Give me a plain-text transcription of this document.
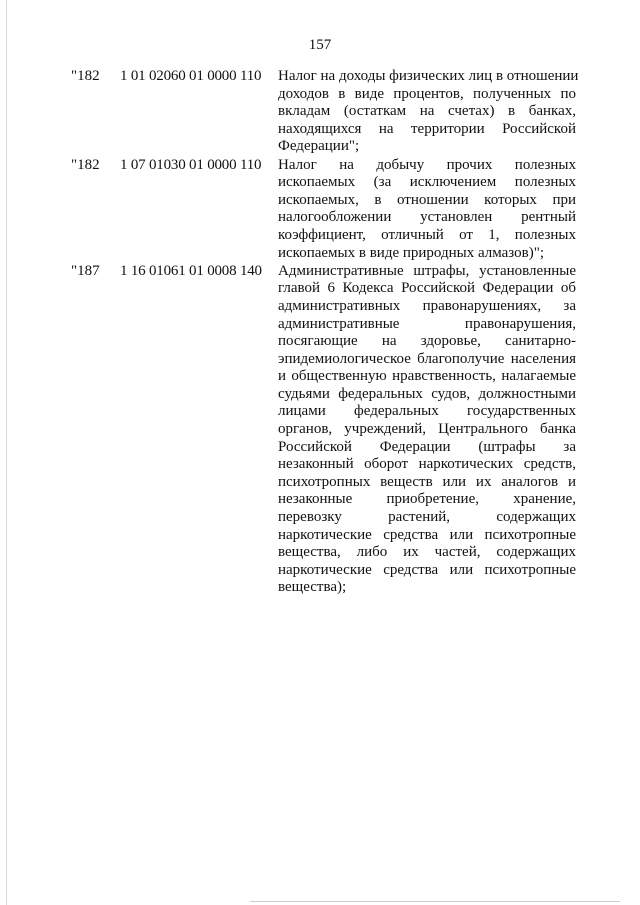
157
"182	1 01 02060 01 0000 110	Налог на доходы физических лиц в отношении
доходов в виде процентов, полученных по
вкладам (остаткам на счетах) в банках,
находящихся на территории Российской
Федерации";
"182	1 07 01030 01 0000 110	Налог на добычу прочих полезных
ископаемых (за исключением полезных
ископаемых, в отношении которых при
налогообложении установлен рентный
коэффициент, отличный от 1, полезных
ископаемых в виде природных алмазов)";
"187	1 16 01061 01 0008 140	Административные штрафы, установленные
главой 6 Кодекса Российской Федерации об
административных правонарушениях, за
административные правонарушения,
посягающие на здоровье, санитарно-
эпидемиологическое благополучие населения
и общественную нравственность, налагаемые
судьями федеральных судов, должностными
лицами федеральных государственных
органов, учреждений, Центрального банка
Российской Федерации (штрафы за
незаконный оборот наркотических средств,
психотропных веществ или их аналогов и
незаконные приобретение, хранение,
перевозку растений, содержащих
наркотические средства или психотропные
вещества, либо их частей, содержащих
наркотические средства или психотропные
вещества);
